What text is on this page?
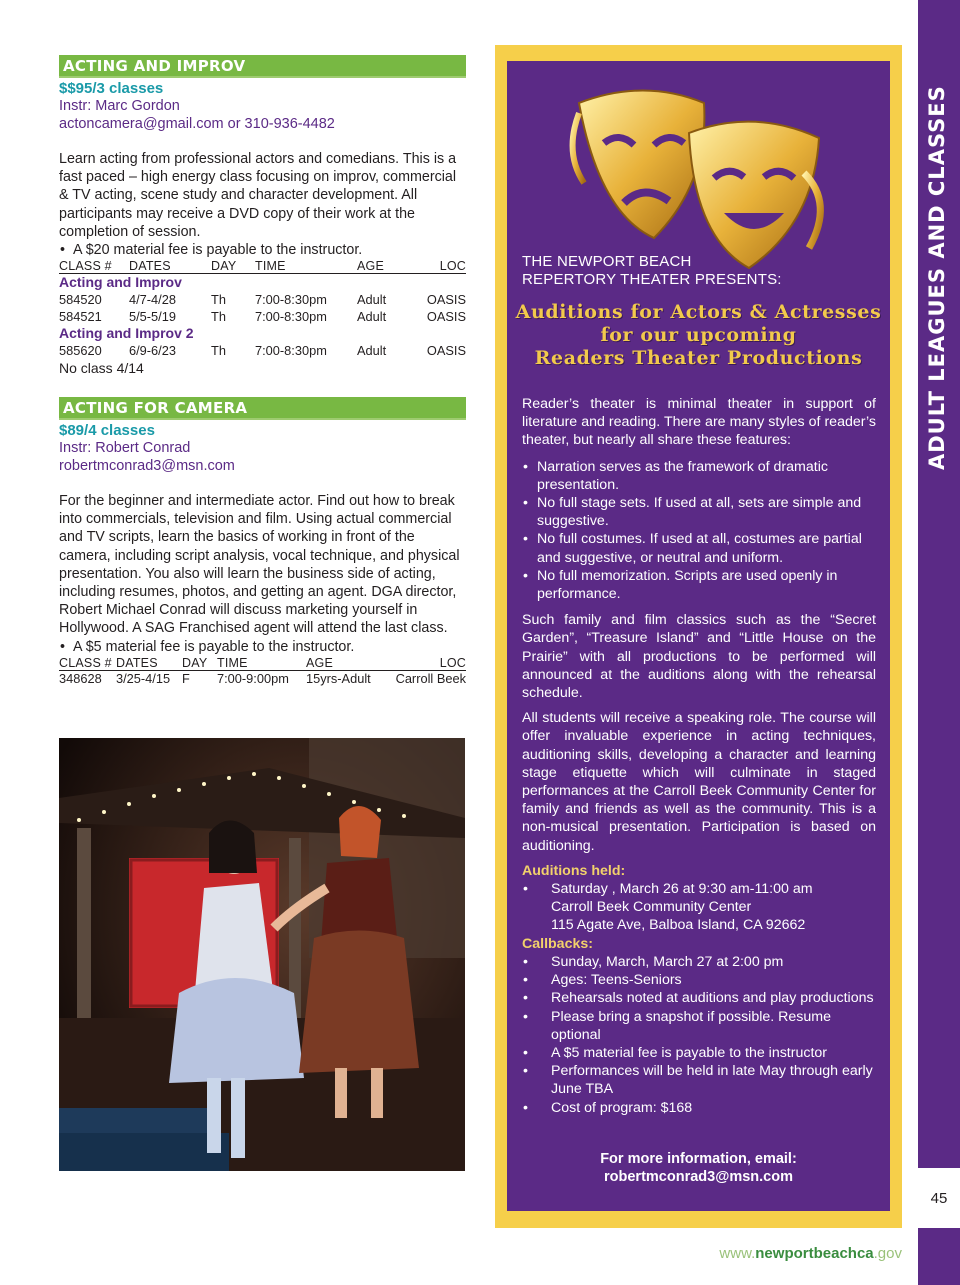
ADULT LEAGUES AND CLASSES
45
ACTING AND IMPROV
$$95/3 classes
Instr: Marc Gordon
actoncamera@gmail.com or 310-936-4482
Learn acting from professional actors and comedians. This is a fast paced – high energy class focusing on improv, commercial & TV acting, scene study and character development. All participants may receive a DVD copy of their work at the completion of session.
• A $20 material fee is payable to the instructor.
CLASS #	DATES	DAY	TIME	AGE	LOC
Acting and Improv					
584520	4/7-4/28	Th	7:00-8:30pm	Adult	OASIS
584521	5/5-5/19	Th	7:00-8:30pm	Adult	OASIS
Acting and Improv 2					
585620	6/9-6/23	Th	7:00-8:30pm	Adult	OASIS
No class 4/14
ACTING FOR CAMERA
$89/4 classes
Instr: Robert Conrad
robertmconrad3@msn.com
For the beginner and intermediate actor. Find out how to break into commercials, television and film. Using actual commercial and TV scripts, learn the basics of working in front of the camera, including script analysis, vocal technique, and physical presentation. You also will learn the business side of acting, including resumes, photos, and getting an agent. DGA director, Robert Michael Conrad will discuss marketing yourself in Hollywood. A SAG Franchised agent will attend the last class.
• A $5 material fee is payable to the instructor.
CLASS #	DATES	DAY	TIME	AGE	LOC
348628	3/25-4/15	F	7:00-9:00pm	15yrs-Adult	Carroll Beek
THE NEWPORT BEACH
REPERTORY THEATER PRESENTS:
Auditions for Actors & Actresses
for our upcoming
Readers Theater Productions

Reader’s theater is minimal theater in support of literature and reading. There are many styles of reader’s theater, but nearly all share these features:

• Narration serves as the framework of dramatic presentation.
• No full stage sets. If used at all, sets are simple and suggestive.
• No full costumes. If used at all, costumes are partial and suggestive, or neutral and uniform.
• No full memorization. Scripts are used openly in performance.

Such family and film classics such as the “Secret Garden”, “Treasure Island” and “Little House on the Prairie” with all productions to be performed will announced at the auditions along with the rehearsal schedule.

All students will receive a speaking role. The course will offer invaluable experience in acting techniques, auditioning skills, developing a character and learning stage etiquette which will culminate in staged performances at the Carroll Beek Community Center for family and friends as well as the community. This is a non-musical presentation. Participation is based on auditioning.

Auditions held:
• Saturday , March 26 at 9:30 am-11:00 am
Carroll Beek Community Center
115 Agate Ave, Balboa Island, CA 92662
Callbacks:
• Sunday, March, March 27 at 2:00 pm
• Ages: Teens-Seniors
• Rehearsals noted at auditions and play productions
• Please bring a snapshot if possible. Resume optional
• A $5 material fee is payable to the instructor
• Performances will be held in late May through early June TBA
• Cost of program: $168
For more information, email:
robertmconrad3@msn.com
www.newportbeachca.gov
